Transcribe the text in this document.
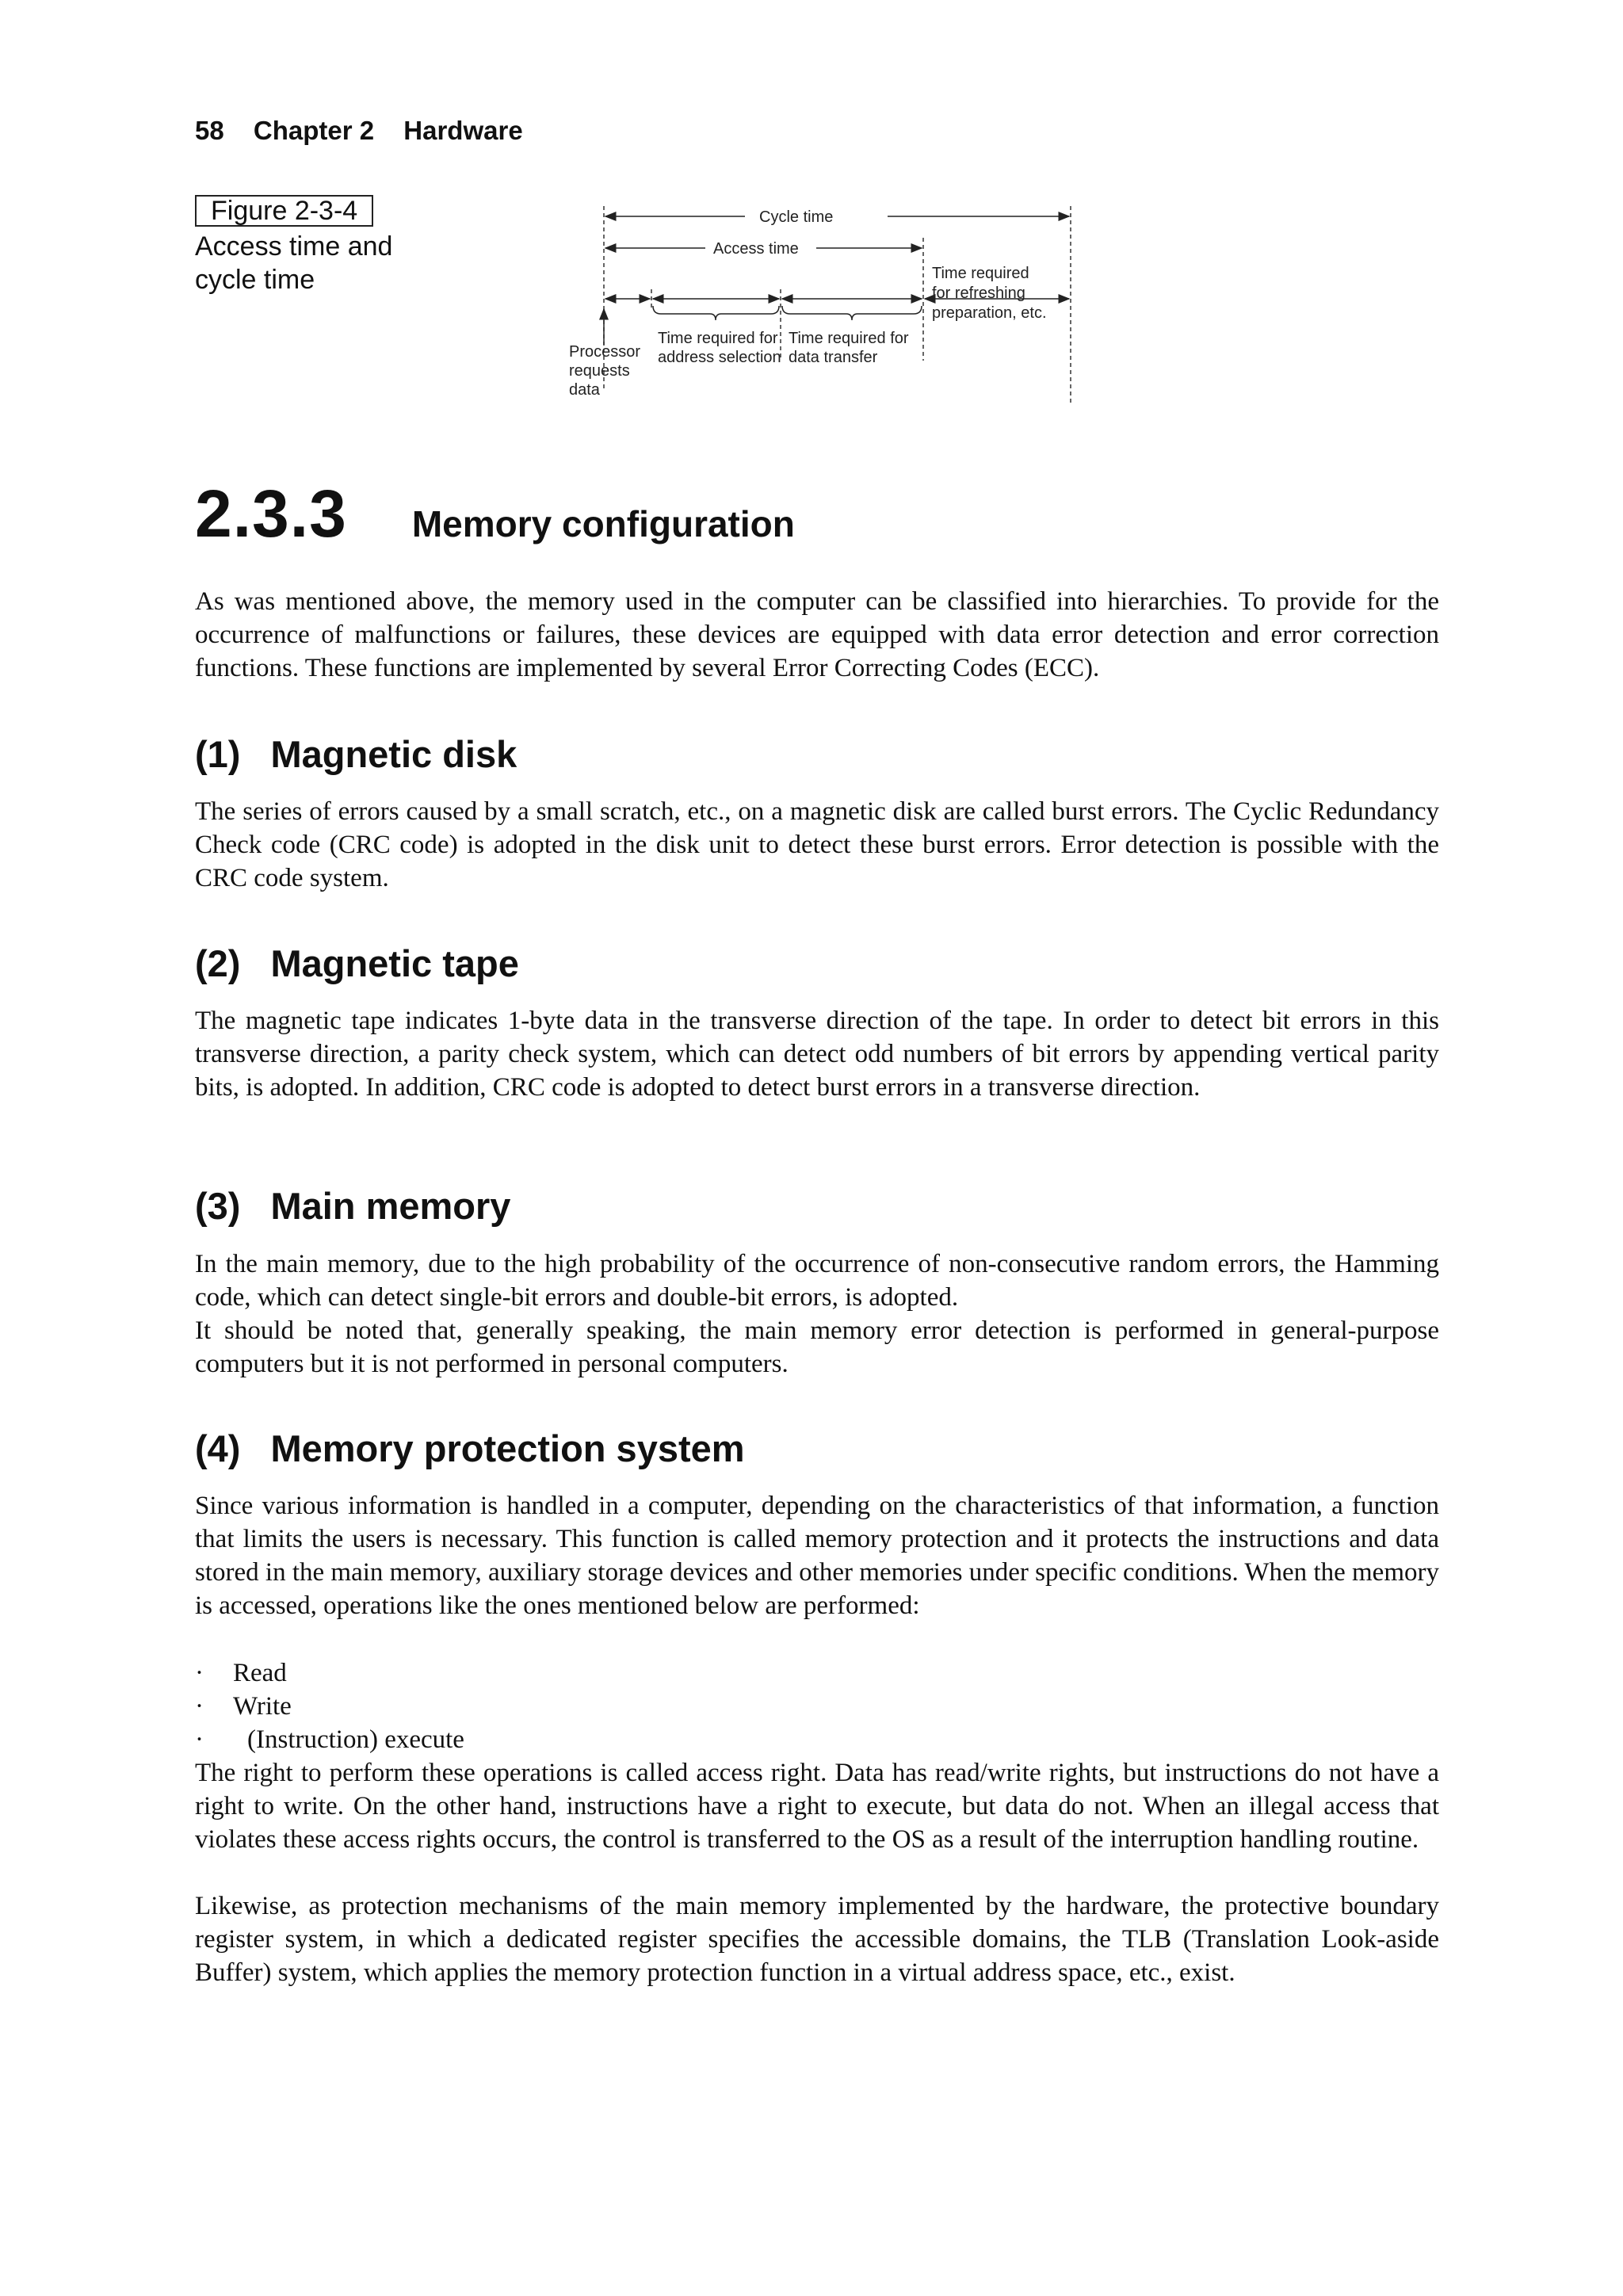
58 Chapter 2 Hardware
Figure 2-3-4
Access time and
cycle time
Cycle time
Access time
Time required
for refreshing
preparation, etc.
Time required for
address selection
Time required for
data transfer
Processor
requests
data
2.3.3 Memory configuration

As was mentioned above, the memory used in the computer can be classified into hierarchies. To provide for the occurrence of malfunctions or failures, these devices are equipped with data error detection and error correction functions. These functions are implemented by several Error Correcting Codes (ECC).

(1) Magnetic disk

The series of errors caused by a small scratch, etc., on a magnetic disk are called burst errors. The Cyclic Redundancy Check code (CRC code) is adopted in the disk unit to detect these burst errors. Error detection is possible with the CRC code system.

(2) Magnetic tape

The magnetic tape indicates 1-byte data in the transverse direction of the tape. In order to detect bit errors in this transverse direction, a parity check system, which can detect odd numbers of bit errors by appending vertical parity bits, is adopted. In addition, CRC code is adopted to detect burst errors in a transverse direction.

(3) Main memory

In the main memory, due to the high probability of the occurrence of non-consecutive random errors, the Hamming code, which can detect single-bit errors and double-bit errors, is adopted.

It should be noted that, generally speaking, the main memory error detection is performed in general-purpose computers but it is not performed in personal computers.

(4) Memory protection system

Since various information is handled in a computer, depending on the characteristics of that information, a function that limits the users is necessary. This function is called memory protection and it protects the instructions and data stored in the main memory, auxiliary storage devices and other memories under specific conditions. When the memory is accessed, operations like the ones mentioned below are performed:

· Read
· Write
· (Instruction) execute

The right to perform these operations is called access right. Data has read/write rights, but instructions do not have a right to write. On the other hand, instructions have a right to execute, but data do not. When an illegal access that violates these access rights occurs, the control is transferred to the OS as a result of the interruption handling routine.

Likewise, as protection mechanisms of the main memory implemented by the hardware, the protective boundary register system, in which a dedicated register specifies the accessible domains, the TLB (Translation Look-aside Buffer) system, which applies the memory protection function in a virtual address space, etc., exist.
